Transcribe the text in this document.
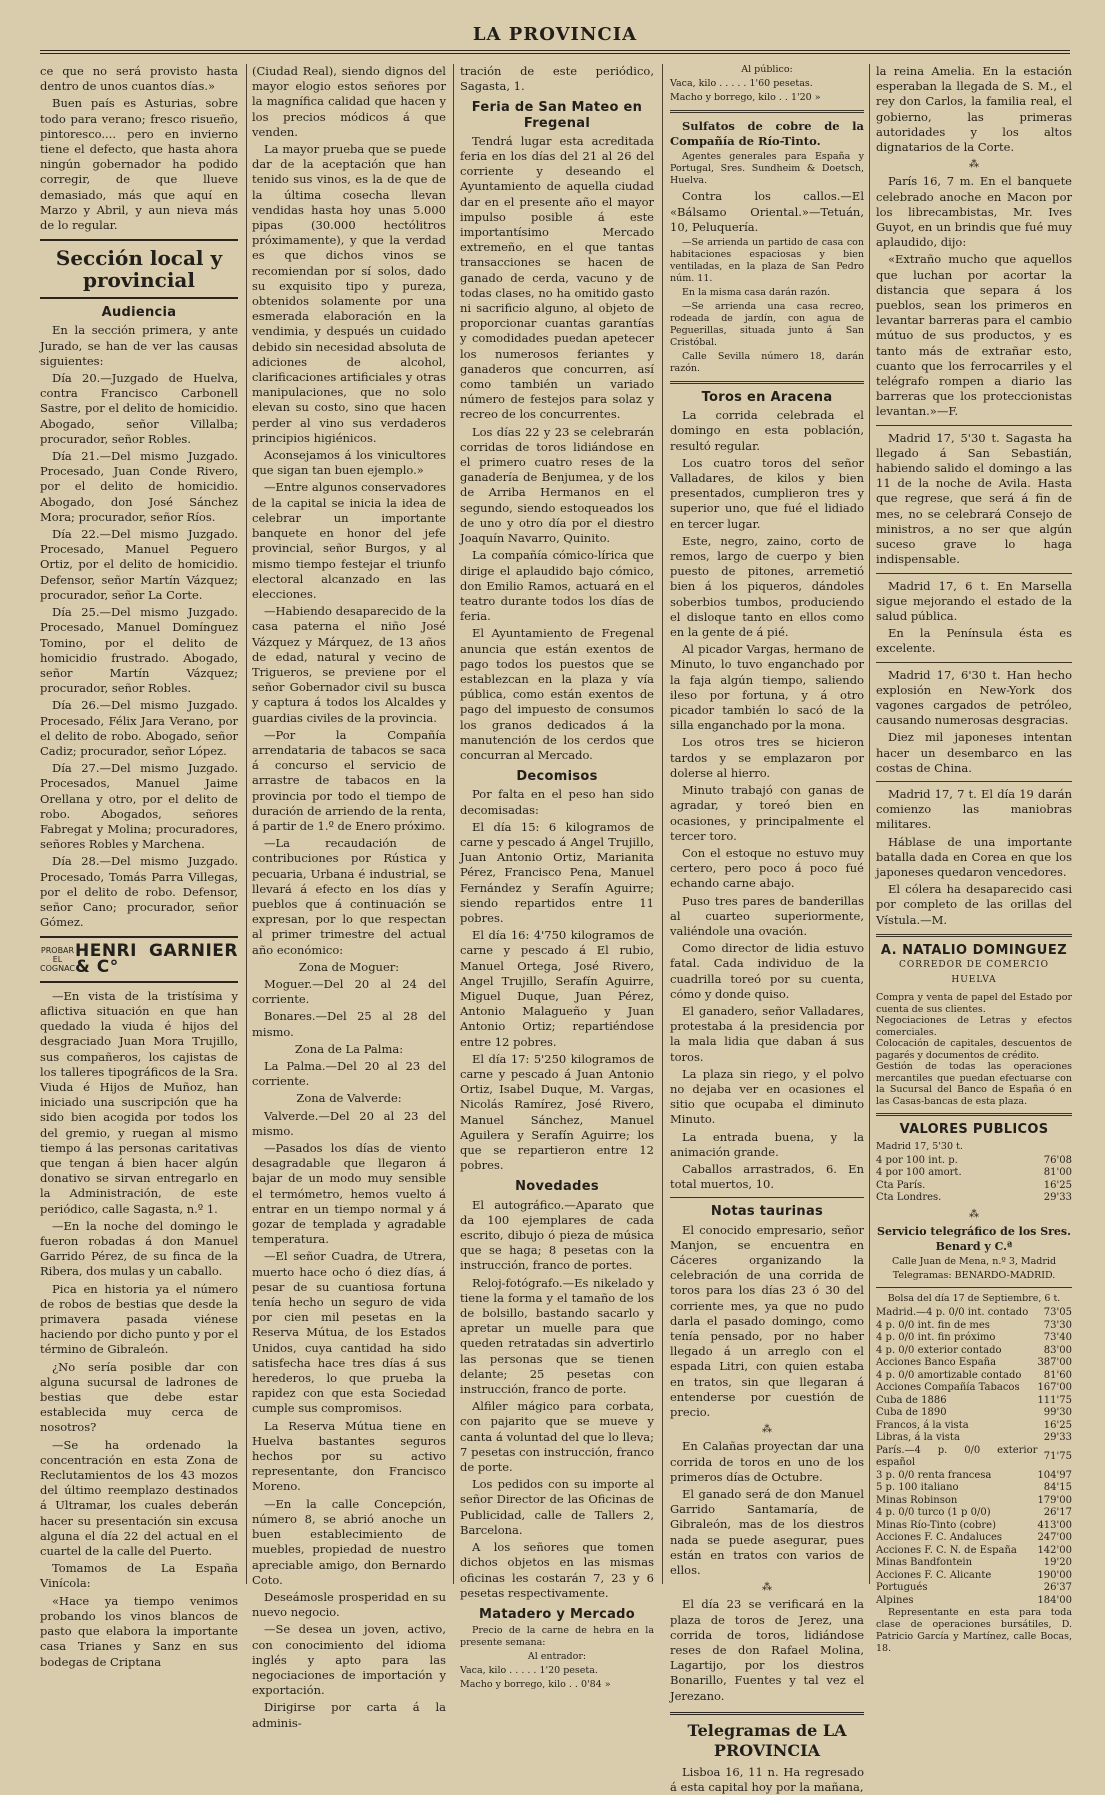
LA PROVINCIA

ce que no será provisto hasta dentro de unos cuantos días.»

Buen país es Asturias, sobre todo para verano; fresco risueño, pintoresco.... pero en invierno tiene el defecto, que hasta ahora ningún gobernador ha podido corregir, de que llueve demasiado, más que aquí en Marzo y Abril, y aun nieva más de lo regular.

Sección local y provincial
Audiencia

En la sección primera, y ante Jurado, se han de ver las causas siguientes:

Día 20.—Juzgado de Huelva, contra Francisco Carbonell Sastre, por el delito de homicidio. Abogado, señor Villalba; procurador, señor Robles.

Día 21.—Del mismo Juzgado. Procesado, Juan Conde Rivero, por el delito de homicidio. Abogado, don José Sánchez Mora; procurador, señor Ríos.

Día 22.—Del mismo Juzgado. Procesado, Manuel Peguero Ortiz, por el delito de homicidio. Defensor, señor Martín Vázquez; procurador, señor La Corte.

Día 25.—Del mismo Juzgado. Procesado, Manuel Domínguez Tomino, por el delito de homicidio frustrado. Abogado, señor Martín Vázquez; procurador, señor Robles.

Día 26.—Del mismo Juzgado. Procesado, Félix Jara Verano, por el delito de robo. Abogado, señor Cadiz; procurador, señor López.

Día 27.—Del mismo Juzgado. Procesados, Manuel Jaime Orellana y otro, por el delito de robo. Abogados, señores Fabregat y Molina; procuradores, señores Robles y Marchena.

Día 28.—Del mismo Juzgado. Procesado, Tomás Parra Villegas, por el delito de robo. Defensor, señor Cano; procurador, señor Gómez.

PROBAR EL COGNAC
HENRI GARNIER & C°

—En vista de la tristísima y aflictiva situación en que han quedado la viuda é hijos del desgraciado Juan Mora Trujillo, sus compañeros, los cajistas de los talleres tipográficos de la Sra. Viuda é Hijos de Muñoz, han iniciado una suscripción que ha sido bien acogida por todos los del gremio, y ruegan al mismo tiempo á las personas caritativas que tengan á bien hacer algún donativo se sirvan entregarlo en la Administración, de este periódico, calle Sagasta, n.º 1.

—En la noche del domingo le fueron robadas á don Manuel Garrido Pérez, de su finca de la Ribera, dos mulas y un caballo.

Pica en historia ya el número de robos de bestias que desde la primavera pasada viénese haciendo por dicho punto y por el término de Gibraleón.

¿No sería posible dar con alguna sucursal de ladrones de bestias que debe estar establecida muy cerca de nosotros?

—Se ha ordenado la concentración en esta Zona de Reclutamientos de los 43 mozos del último reemplazo destinados á Ultramar, los cuales deberán hacer su presentación sin excusa alguna el día 22 del actual en el cuartel de la calle del Puerto.

Tomamos de La España Vinícola:

«Hace ya tiempo venimos probando los vinos blancos de pasto que elabora la importante casa Trianes y Sanz en sus bodegas de Criptana

(Ciudad Real), siendo dignos del mayor elogio estos señores por la magnífica calidad que hacen y los precios módicos á que venden.

La mayor prueba que se puede dar de la aceptación que han tenido sus vinos, es la de que de la última cosecha llevan vendidas hasta hoy unas 5.000 pipas (30.000 hectólitros próximamente), y que la verdad es que dichos vinos se recomiendan por sí solos, dado su exquisito tipo y pureza, obtenidos solamente por una esmerada elaboración en la vendimia, y después un cuidado debido sin necesidad absoluta de adiciones de alcohol, clarificaciones artificiales y otras manipulaciones, que no solo elevan su costo, sino que hacen perder al vino sus verdaderos principios higiénicos.

Aconsejamos á los vinicultores que sigan tan buen ejemplo.»

—Entre algunos conservadores de la capital se inicia la idea de celebrar un importante banquete en honor del jefe provincial, señor Burgos, y al mismo tiempo festejar el triunfo electoral alcanzado en las elecciones.

—Habiendo desaparecido de la casa paterna el niño José Vázquez y Márquez, de 13 años de edad, natural y vecino de Trigueros, se previene por el señor Gobernador civil su busca y captura á todos los Alcaldes y guardias civiles de la provincia.

—Por la Compañía arrendataria de tabacos se saca á concurso el servicio de arrastre de tabacos en la provincia por todo el tiempo de duración de arriendo de la renta, á partir de 1.º de Enero próximo.

—La recaudación de contribuciones por Rústica y pecuaria, Urbana é industrial, se llevará á efecto en los días y pueblos que á continuación se expresan, por lo que respectan al primer trimestre del actual año económico:

Zona de Moguer:

Moguer.—Del 20 al 24 del corriente.

Bonares.—Del 25 al 28 del mismo.

Zona de La Palma:

La Palma.—Del 20 al 23 del corriente.

Zona de Valverde:

Valverde.—Del 20 al 23 del mismo.

—Pasados los días de viento desagradable que llegaron á bajar de un modo muy sensible el termómetro, hemos vuelto á entrar en un tiempo normal y á gozar de templada y agradable temperatura.

—El señor Cuadra, de Utrera, muerto hace ocho ó diez días, á pesar de su cuantiosa fortuna tenía hecho un seguro de vida por cien mil pesetas en la Reserva Mútua, de los Estados Unidos, cuya cantidad ha sido satisfecha hace tres días á sus herederos, lo que prueba la rapidez con que esta Sociedad cumple sus compromisos.

La Reserva Mútua tiene en Huelva bastantes seguros hechos por su activo representante, don Francisco Moreno.

—En la calle Concepción, número 8, se abrió anoche un buen establecimiento de muebles, propiedad de nuestro apreciable amigo, don Bernardo Coto.

Deseámosle prosperidad en su nuevo negocio.

—Se desea un joven, activo, con conocimiento del idioma inglés y apto para las negociaciones de importación y exportación.

Dirigirse por carta á la adminis-

tración de este periódico, Sagasta, 1.

Feria de San Mateo en Fregenal

Tendrá lugar esta acreditada feria en los días del 21 al 26 del corriente y deseando el Ayuntamiento de aquella ciudad dar en el presente año el mayor impulso posible á este importantísimo Mercado extremeño, en el que tantas transacciones se hacen de ganado de cerda, vacuno y de todas clases, no ha omitido gasto ni sacrificio alguno, al objeto de proporcionar cuantas garantías y comodidades puedan apetecer los numerosos feriantes y ganaderos que concurren, así como también un variado número de festejos para solaz y recreo de los concurrentes.

Los días 22 y 23 se celebrarán corridas de toros lidiándose en el primero cuatro reses de la ganadería de Benjumea, y de los de Arriba Hermanos en el segundo, siendo estoqueados los de uno y otro día por el diestro Joaquín Navarro, Quinito.

La compañía cómico-lírica que dirige el aplaudido bajo cómico, don Emilio Ramos, actuará en el teatro durante todos los días de feria.

El Ayuntamiento de Fregenal anuncia que están exentos de pago todos los puestos que se establezcan en la plaza y vía pública, como están exentos de pago del impuesto de consumos los granos dedicados á la manutención de los cerdos que concurran al Mercado.

Decomisos

Por falta en el peso han sido decomisadas:

El día 15: 6 kilogramos de carne y pescado á Angel Trujillo, Juan Antonio Ortiz, Marianita Pérez, Francisco Pena, Manuel Fernández y Serafín Aguirre; siendo repartidos entre 11 pobres.

El día 16: 4'750 kilogramos de carne y pescado á El rubio, Manuel Ortega, José Rivero, Angel Trujillo, Serafín Aguirre, Miguel Duque, Juan Pérez, Antonio Malagueño y Juan Antonio Ortiz; repartiéndose entre 12 pobres.

El día 17: 5'250 kilogramos de carne y pescado á Juan Antonio Ortiz, Isabel Duque, M. Vargas, Nicolás Ramírez, José Rivero, Manuel Sánchez, Manuel Aguilera y Serafín Aguirre; los que se repartieron entre 12 pobres.

Novedades

El autográfico.—Aparato que da 100 ejemplares de cada escrito, dibujo ó pieza de música que se haga; 8 pesetas con la instrucción, franco de portes.

Reloj-fotógrafo.—Es nikelado y tiene la forma y el tamaño de los de bolsillo, bastando sacarlo y apretar un muelle para que queden retratadas sin advertirlo las personas que se tienen delante; 25 pesetas con instrucción, franco de porte.

Alfiler mágico para corbata, con pajarito que se mueve y canta á voluntad del que lo lleva; 7 pesetas con instrucción, franco de porte.

Los pedidos con su importe al señor Director de las Oficinas de Publicidad, calle de Tallers 2, Barcelona.

A los señores que tomen dichos objetos en las mismas oficinas les costarán 7, 23 y 6 pesetas respectivamente.

Matadero y Mercado

Precio de la carne de hebra en la presente semana:

Al entrador:

Vaca, kilo . . . . . 1'20 peseta.

Macho y borrego, kilo . . 0'84 »

Al público:

Vaca, kilo . . . . . 1'60 pesetas.

Macho y borrego, kilo . . 1'20 »

Sulfatos de cobre de la Compañía de Río-Tinto.

Agentes generales para España y Portugal, Sres. Sundheim & Doetsch, Huelva.

Contra los callos.—El «Bálsamo Oriental.»—Tetuán, 10, Peluquería.

—Se arrienda un partido de casa con habitaciones espaciosas y bien ventiladas, en la plaza de San Pedro núm. 11.

En la misma casa darán razón.

—Se arrienda una casa recreo, rodeada de jardín, con agua de Peguerillas, situada junto á San Cristóbal.

Calle Sevilla número 18, darán razón.

Toros en Aracena

La corrida celebrada el domingo en esta población, resultó regular.

Los cuatro toros del señor Valladares, de kilos y bien presentados, cumplieron tres y superior uno, que fué el lidiado en tercer lugar.

Este, negro, zaino, corto de remos, largo de cuerpo y bien puesto de pitones, arremetió bien á los piqueros, dándoles soberbios tumbos, produciendo el disloque tanto en ellos como en la gente de á pié.

Al picador Vargas, hermano de Minuto, lo tuvo enganchado por la faja algún tiempo, saliendo ileso por fortuna, y á otro picador también lo sacó de la silla enganchado por la mona.

Los otros tres se hicieron tardos y se emplazaron por dolerse al hierro.

Minuto trabajó con ganas de agradar, y toreó bien en ocasiones, y principalmente el tercer toro.

Con el estoque no estuvo muy certero, pero poco á poco fué echando carne abajo.

Puso tres pares de banderillas al cuarteo superiormente, valiéndole una ovación.

Como director de lidia estuvo fatal. Cada individuo de la cuadrilla toreó por su cuenta, cómo y donde quiso.

El ganadero, señor Valladares, protestaba á la presidencia por la mala lidia que daban á sus toros.

La plaza sin riego, y el polvo no dejaba ver en ocasiones el sitio que ocupaba el diminuto Minuto.

La entrada buena, y la animación grande.

Caballos arrastrados, 6. En total muertos, 10.

Notas taurinas

El conocido empresario, señor Manjon, se encuentra en Cáceres organizando la celebración de una corrida de toros para los días 23 ó 30 del corriente mes, ya que no pudo darla el pasado domingo, como tenía pensado, por no haber llegado á un arreglo con el espada Litri, con quien estaba en tratos, sin que llegaran á entenderse por cuestión de precio.

⁂

En Calañas proyectan dar una corrida de toros en uno de los primeros días de Octubre.

El ganado será de don Manuel Garrido Santamaría, de Gibraleón, mas de los diestros nada se puede asegurar, pues están en tratos con varios de ellos.

⁂

El día 23 se verificará en la plaza de toros de Jerez, una corrida de toros, lidiándose reses de don Rafael Molina, Lagartijo, por los diestros Bonarillo, Fuentes y tal vez el Jerezano.

Telegramas de LA PROVINCIA

Lisboa 16, 11 n. Ha regresado á esta capital hoy por la mañana,

la reina Amelia. En la estación esperaban la llegada de S. M., el rey don Carlos, la familia real, el gobierno, las primeras autoridades y los altos dignatarios de la Corte.

⁂

París 16, 7 m. En el banquete celebrado anoche en Macon por los librecambistas, Mr. Ives Guyot, en un brindis que fué muy aplaudido, dijo:

«Extraño mucho que aquellos que luchan por acortar la distancia que separa á los pueblos, sean los primeros en levantar barreras para el cambio mútuo de sus productos, y es tanto más de extrañar esto, cuanto que los ferrocarriles y el telégrafo rompen a diario las barreras que los proteccionistas levantan.»—F.

Madrid 17, 5'30 t. Sagasta ha llegado á San Sebastián, habiendo salido el domingo a las 11 de la noche de Avila. Hasta que regrese, que será á fin de mes, no se celebrará Consejo de ministros, a no ser que algún suceso grave lo haga indispensable.

Madrid 17, 6 t. En Marsella sigue mejorando el estado de la salud pública.

En la Península ésta es excelente.

Madrid 17, 6'30 t. Han hecho explosión en New-York dos vagones cargados de petróleo, causando numerosas desgracias.

Diez mil japoneses intentan hacer un desembarco en las costas de China.

Madrid 17, 7 t. El día 19 darán comienzo las maniobras militares.

Háblase de una importante batalla dada en Corea en que los japoneses quedaron vencedores.

El cólera ha desaparecido casi por completo de las orillas del Vístula.—M.

A. NATALIO DOMINGUEZ
CORREDOR DE COMERCIO
HUELVA

Compra y venta de papel del Estado por cuenta de sus clientes.

Negociaciones de Letras y efectos comerciales.

Colocación de capitales, descuentos de pagarés y documentos de crédito.

Gestión de todas las operaciones mercantiles que puedan efectuarse con la Sucursal del Banco de España ó en las Casas-bancas de esta plaza.

VALORES PUBLICOS

Madrid 17, 5'30 t.

4 por 100 int. p.	76'08
4 por 100 amort.	81'00
Cta París.	16'25
Cta Londres.	29'33
⁂

Servicio telegráfico de los Sres. Benard y C.ª

Calle Juan de Mena, n.º 3, Madrid

Telegramas: BENARDO-MADRID.

Bolsa del día 17 de Septiembre, 6 t.

Madrid.—4 p. 0/0 int. contado	73'05
4 p. 0/0 int. fin de mes	73'30
4 p. 0/0 int. fin próximo	73'40
4 p. 0/0 exterior contado	83'00
Acciones Banco España	387'00
4 p. 0/0 amortizable contado	81'60
Acciones Compañía Tabacos	167'00
Cuba de 1886	111'75
Cuba de 1890	99'30
Francos, á la vista	16'25
Libras, á la vista	29'33
París.—4 p. 0/0 exterior español	71'75
3 p. 0/0 renta francesa	104'97
5 p. 100 italiano	84'15
Minas Robinson	179'00
4 p. 0/0 turco (1 p 0/0)	26'17
Minas Río-Tinto (cobre)	413'00
Acciones F. C. Andaluces	247'00
Acciones F. C. N. de España	142'00
Minas Bandfontein	19'20
Acciones F. C. Alicante	190'00
Portugués	26'37
Alpines	184'00

Representante en esta para toda clase de operaciones bursátiles, D. Patricio García y Martínez, calle Bocas, 18.
